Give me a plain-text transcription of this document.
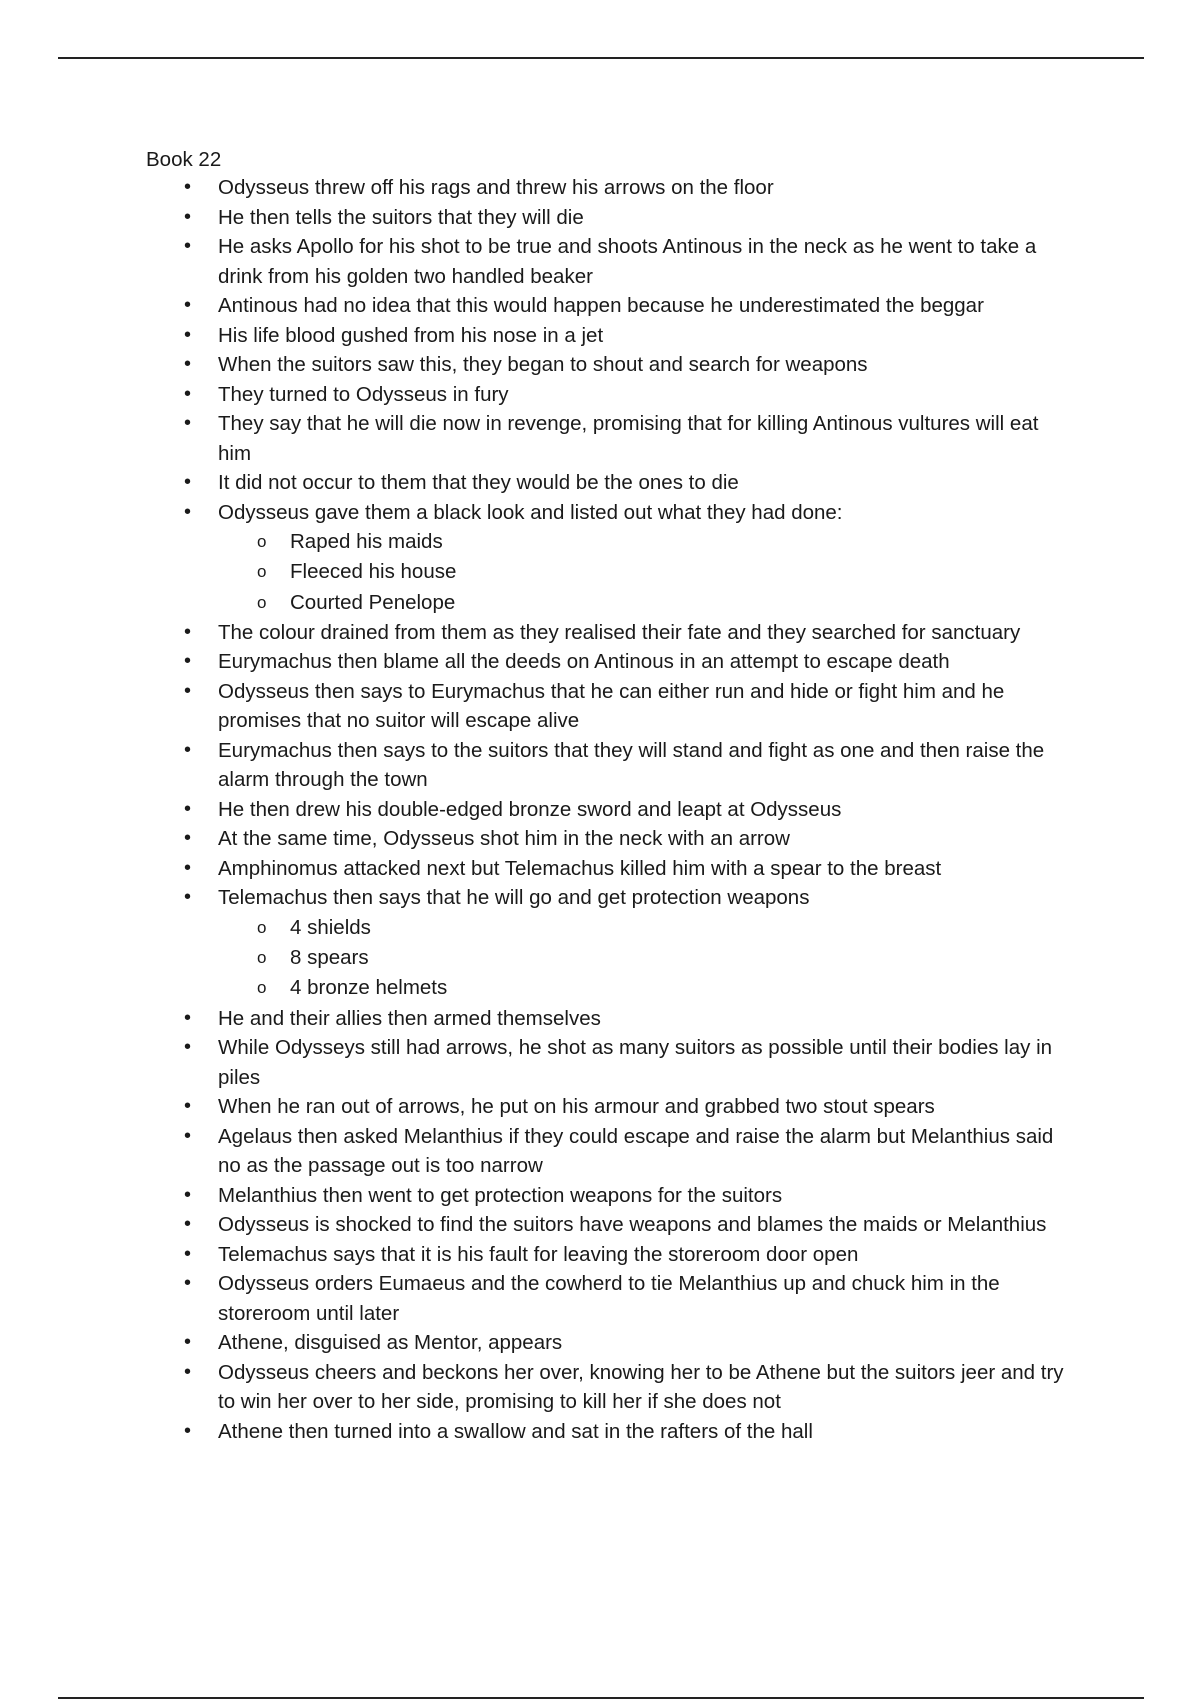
Book 22

• Odysseus threw off his rags and threw his arrows on the floor
• He then tells the suitors that they will die
• He asks Apollo for his shot to be true and shoots Antinous in the neck as he went to take a drink from his golden two handled beaker
• Antinous had no idea that this would happen because he underestimated the beggar
• His life blood gushed from his nose in a jet
• When the suitors saw this, they began to shout and search for weapons
• They turned to Odysseus in fury
• They say that he will die now in revenge, promising that for killing Antinous vultures will eat him
• It did not occur to them that they would be the ones to die
• Odysseus gave them a black look and listed out what they had done:
o Raped his maids
o Fleeced his house
o Courted Penelope
• The colour drained from them as they realised their fate and they searched for sanctuary
• Eurymachus then blame all the deeds on Antinous in an attempt to escape death
• Odysseus then says to Eurymachus that he can either run and hide or fight him and he promises that no suitor will escape alive
• Eurymachus then says to the suitors that they will stand and fight as one and then raise the alarm through the town
• He then drew his double-edged bronze sword and leapt at Odysseus
• At the same time, Odysseus shot him in the neck with an arrow
• Amphinomus attacked next but Telemachus killed him with a spear to the breast
• Telemachus then says that he will go and get protection weapons
o 4 shields
o 8 spears
o 4 bronze helmets
• He and their allies then armed themselves
• While Odysseys still had arrows, he shot as many suitors as possible until their bodies lay in piles
• When he ran out of arrows, he put on his armour and grabbed two stout spears
• Agelaus then asked Melanthius if they could escape and raise the alarm but Melanthius said no as the passage out is too narrow
• Melanthius then went to get protection weapons for the suitors
• Odysseus is shocked to find the suitors have weapons and blames the maids or Melanthius
• Telemachus says that it is his fault for leaving the storeroom door open
• Odysseus orders Eumaeus and the cowherd to tie Melanthius up and chuck him in the storeroom until later
• Athene, disguised as Mentor, appears
• Odysseus cheers and beckons her over, knowing her to be Athene but the suitors jeer and try to win her over to her side, promising to kill her if she does not
• Athene then turned into a swallow and sat in the rafters of the hall
